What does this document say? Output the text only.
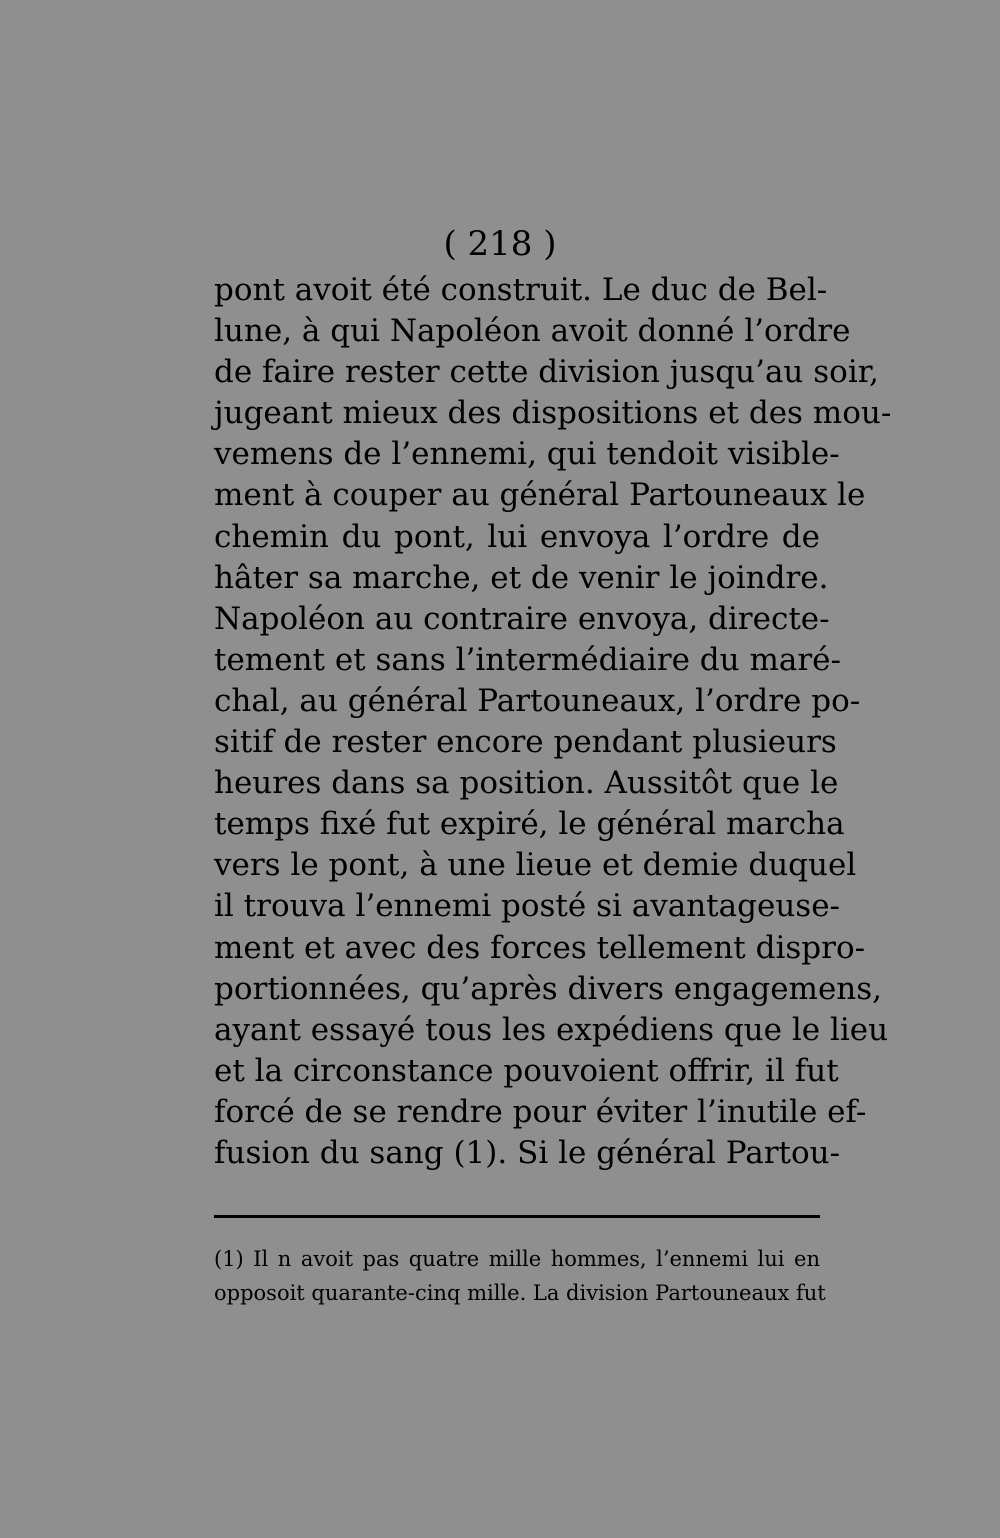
( 218 )
pont avoit été construit. Le duc de Bel-
lune, à qui Napoléon avoit donné l’ordre
de faire rester cette division jusqu’au soir,
jugeant mieux des dispositions et des mou-
vemens de l’ennemi, qui tendoit visible-
ment à couper au général Partouneaux le
chemin du pont, lui envoya l’ordre de
hâter sa marche, et de venir le joindre.
Napoléon au contraire envoya, directe-
tement et sans l’intermédiaire du maré-
chal, au général Partouneaux, l’ordre po-
sitif de rester encore pendant plusieurs
heures dans sa position. Aussitôt que le
temps fixé fut expiré, le général marcha
vers le pont, à une lieue et demie duquel
il trouva l’ennemi posté si avantageuse-
ment et avec des forces tellement dispro-
portionnées, qu’après divers engagemens,
ayant essayé tous les expédiens que le lieu
et la circonstance pouvoient offrir, il fut
forcé de se rendre pour éviter l’inutile ef-
fusion du sang (1). Si le général Partou-
(1) Il n avoit pas quatre mille hommes, l’ennemi lui en
opposoit quarante-cinq mille. La division Partouneaux fut
